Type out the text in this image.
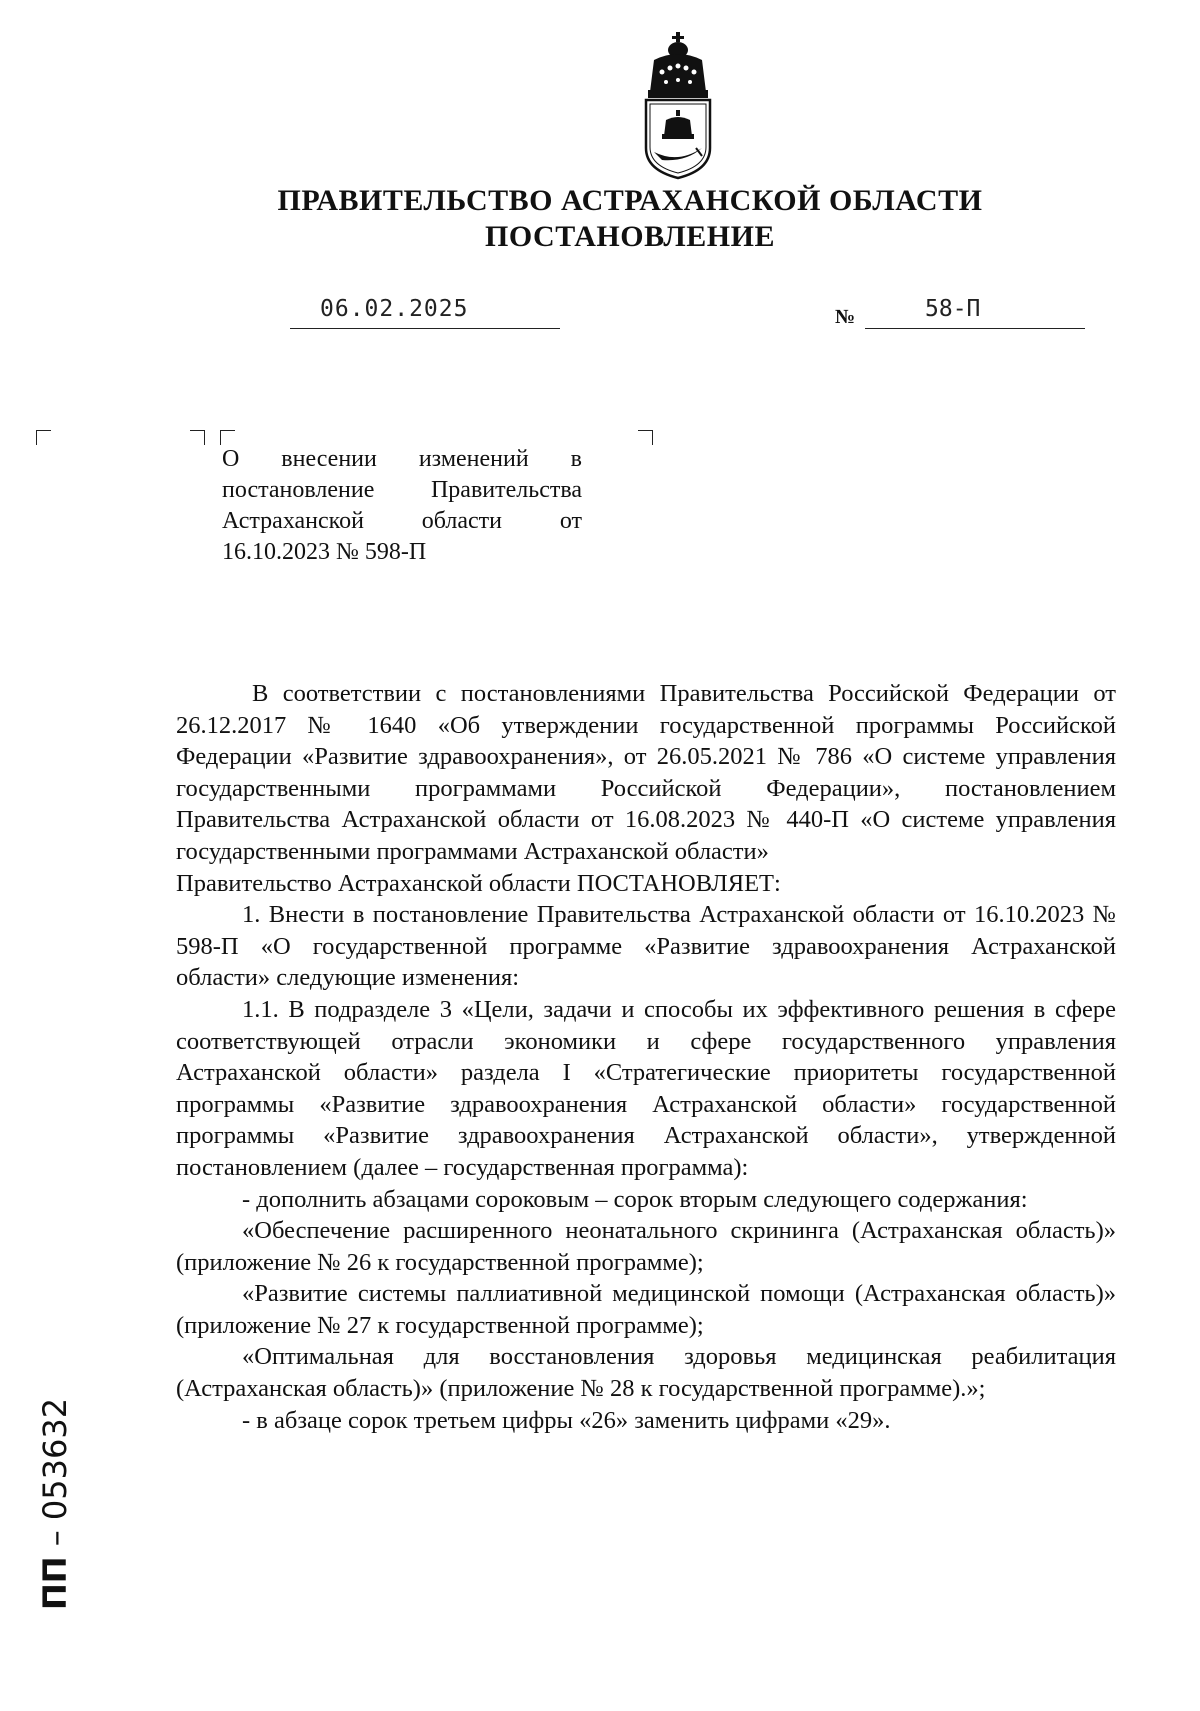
ПРАВИТЕЛЬСТВО АСТРАХАНСКОЙ ОБЛАСТИ
ПОСТАНОВЛЕНИЕ
06.02.2025	№	58-П
О внесении изменений в
постановление Правительства
Астраханской области от
16.10.2023 № 598-П

В соответствии с постановлениями Правительства Российской Федерации от 26.12.2017 № 1640 «Об утверждении государственной программы Российской Федерации «Развитие здравоохранения», от 26.05.2021 № 786 «О системе управления государственными программами Российской Федерации», постановлением Правительства Астраханской области от 16.08.2023 № 440-П «О системе управления государственными программами Астраханской области»

Правительство Астраханской области ПОСТАНОВЛЯЕТ:

1. Внести в постановление Правительства Астраханской области от 16.10.2023 № 598-П «О государственной программе «Развитие здравоохранения Астраханской области» следующие изменения:

1.1. В подразделе 3 «Цели, задачи и способы их эффективного решения в сфере соответствующей отрасли экономики и сфере государственного управления Астраханской области» раздела I «Стратегические приоритеты государственной программы «Развитие здравоохранения Астраханской области» государственной программы «Развитие здравоохранения Астраханской области», утвержденной постановлением (далее – государственная программа):

- дополнить абзацами сороковым – сорок вторым следующего содержания:

«Обеспечение расширенного неонатального скрининга (Астраханская область)» (приложение № 26 к государственной программе);

«Развитие системы паллиативной медицинской помощи (Астраханская область)» (приложение № 27 к государственной программе);

«Оптимальная для восстановления здоровья медицинская реабилитация (Астраханская область)» (приложение № 28 к государственной программе).»;

- в абзаце сорок третьем цифры «26» заменить цифрами «29».

ПП – 053632
